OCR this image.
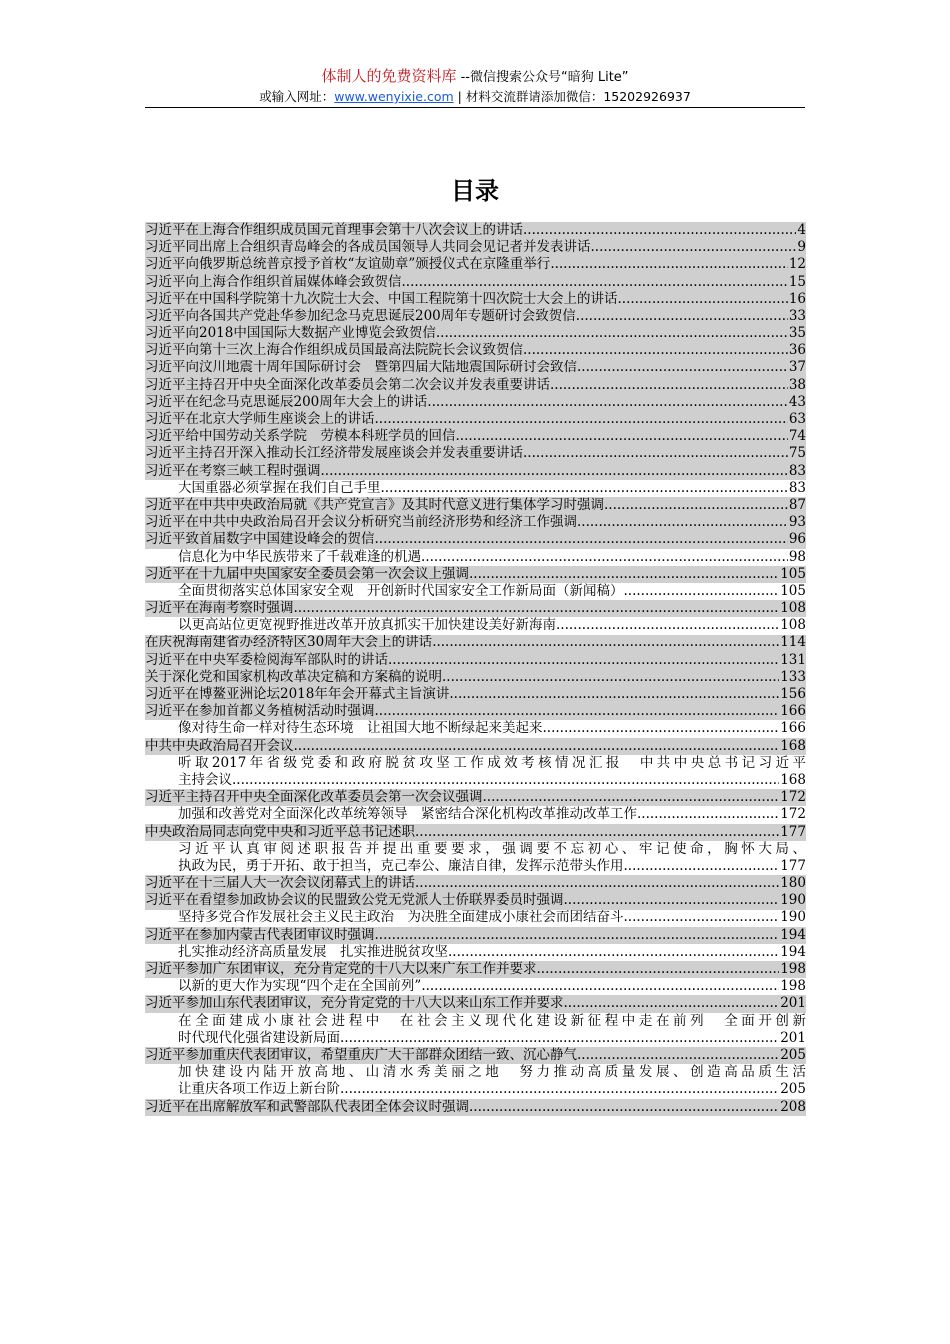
体制人的免费资料库 --微信搜索公众号“暗狗 Lite”
或输入网址：www.wenyixie.com | 材料交流群请添加微信：15202926937
目录
习近平在上海合作组织成员国元首理事会第十八次会议上的讲话 .....	4
习近平同出席上合组织青岛峰会的各成员国领导人共同会见记者并发表讲话 .....	9
习近平向俄罗斯总统普京授予首枚“友谊勋章”颁授仪式在京隆重举行 .....	12
习近平向上海合作组织首届媒体峰会致贺信 .....	15
习近平在中国科学院第十九次院士大会、中国工程院第十四次院士大会上的讲话 .....	16
习近平向各国共产党赴华参加纪念马克思诞辰200周年专题研讨会致贺信 .....	33
习近平向2018中国国际大数据产业博览会致贺信 .....	35
习近平向第十三次上海合作组织成员国最高法院院长会议致贺信 .....	36
习近平向汶川地震十周年国际研讨会　暨第四届大陆地震国际研讨会致信 .....	37
习近平主持召开中央全面深化改革委员会第二次会议并发表重要讲话 .....	38
习近平在纪念马克思诞辰200周年大会上的讲话 .....	43
习近平在北京大学师生座谈会上的讲话 .....	63
习近平给中国劳动关系学院　劳模本科班学员的回信 .....	74
习近平主持召开深入推动长江经济带发展座谈会并发表重要讲话 .....	75
习近平在考察三峡工程时强调 .....	83
大国重器必须掌握在我们自己手里 .....	83
习近平在中共中央政治局就《共产党宣言》及其时代意义进行集体学习时强调 .....	87
习近平在中共中央政治局召开会议分析研究当前经济形势和经济工作强调 .....	93
习近平致首届数字中国建设峰会的贺信 .....	96
信息化为中华民族带来了千载难逢的机遇 .....	98
习近平在十九届中央国家安全委员会第一次会议上强调 .....	105
全面贯彻落实总体国家安全观　开创新时代国家安全工作新局面（新闻稿） .....	105
习近平在海南考察时强调 .....	108
以更高站位更宽视野推进改革开放真抓实干加快建设美好新海南 .....	108
在庆祝海南建省办经济特区30周年大会上的讲话 .....	114
习近平在中央军委检阅海军部队时的讲话 .....	131
关于深化党和国家机构改革决定稿和方案稿的说明 .....	133
习近平在博鳌亚洲论坛2018年年会开幕式主旨演讲 .....	156
习近平在参加首都义务植树活动时强调 .....	166
像对待生命一样对待生态环境　让祖国大地不断绿起来美起来 .....	166
中共中央政治局召开会议 .....	168
听取2017年省级党委和政府脱贫攻坚工作成效考核情况汇报　中共中央总书记习近平
主持会议 .....	168
习近平主持召开中央全面深化改革委员会第一次会议强调 .....	172
加强和改善党对全面深化改革统筹领导　紧密结合深化机构改革推动改革工作 .....	172
中央政治局同志向党中央和习近平总书记述职 .....	177
习近平认真审阅述职报告并提出重要要求，强调要不忘初心、牢记使命，胸怀大局、
执政为民，勇于开拓、敢于担当，克己奉公、廉洁自律，发挥示范带头作用 .....	177
习近平在十三届人大一次会议闭幕式上的讲话 .....	180
习近平在看望参加政协会议的民盟致公党无党派人士侨联界委员时强调 .....	190
坚持多党合作发展社会主义民主政治　为决胜全面建成小康社会而团结奋斗 .....	190
习近平在参加内蒙古代表团审议时强调 .....	194
扎实推动经济高质量发展　扎实推进脱贫攻坚 .....	194
习近平参加广东团审议，充分肯定党的十八大以来广东工作并要求 .....	198
以新的更大作为实现“四个走在全国前列” .....	198
习近平参加山东代表团审议，充分肯定党的十八大以来山东工作并要求 .....	201
在全面建成小康社会进程中　在社会主义现代化建设新征程中走在前列　全面开创新
时代现代化强省建设新局面 .....	201
习近平参加重庆代表团审议，希望重庆广大干部群众团结一致、沉心静气 .....	205
加快建设内陆开放高地、山清水秀美丽之地　努力推动高质量发展、创造高品质生活
让重庆各项工作迈上新台阶 .....	205
习近平在出席解放军和武警部队代表团全体会议时强调 .....	208
